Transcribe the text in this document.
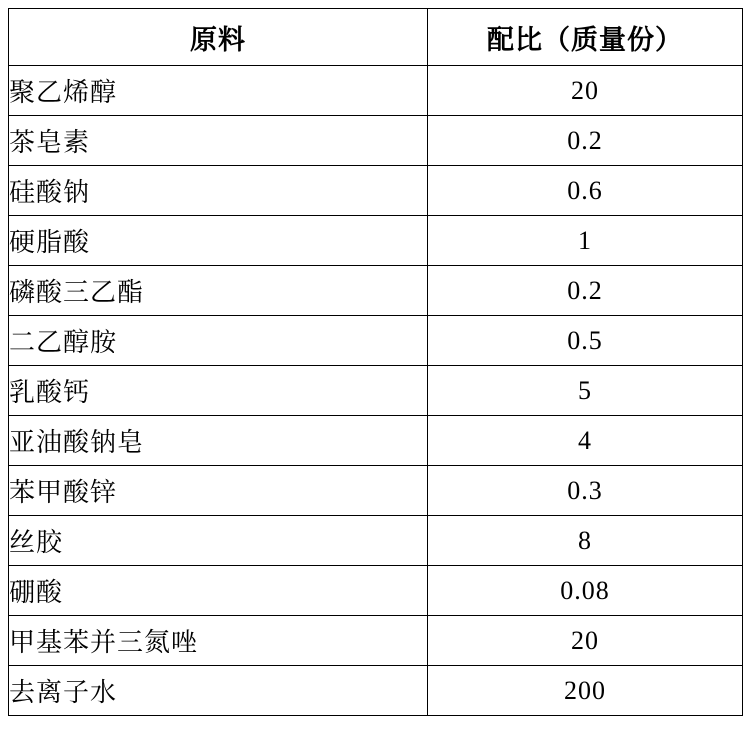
原料	配比（质量份）
聚乙烯醇	20
茶皂素	0.2
硅酸钠	0.6
硬脂酸	1
磷酸三乙酯	0.2
二乙醇胺	0.5
乳酸钙	5
亚油酸钠皂	4
苯甲酸锌	0.3
丝胶	8
硼酸	0.08
甲基苯并三氮唑	20
去离子水	200
